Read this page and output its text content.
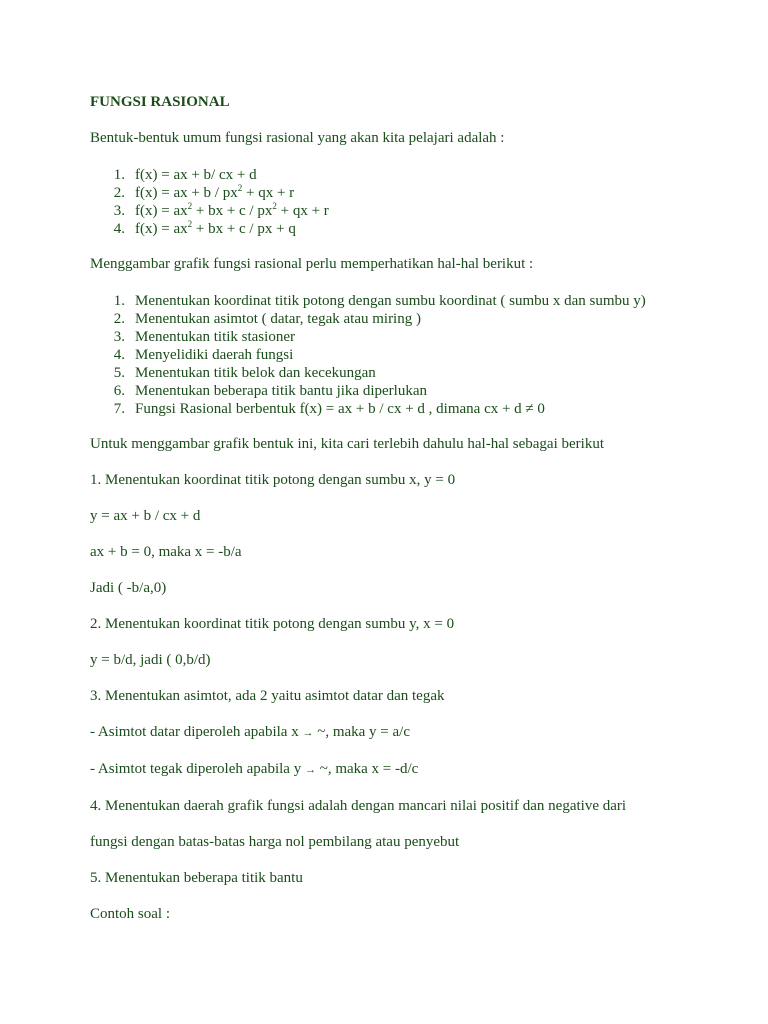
FUNGSI RASIONAL

Bentuk-bentuk umum fungsi rasional yang akan kita pelajari adalah :

1. f(x) = ax + b/ cx + d
2. f(x) = ax + b / $px^2$ + qx + r
3. $f(x) = ax^2$ + bx + c / $px^2$ + qx + r
4. $f(x) = ax^2$ + bx + c / px + q

Menggambar grafik fungsi rasional perlu memperhatikan hal-hal berikut :

1. Menentukan koordinat titik potong dengan sumbu koordinat ( sumbu x dan sumbu y)
2. Menentukan asimtot ( datar, tegak atau miring )
3. Menentukan titik stasioner
4. Menyelidiki daerah fungsi
5. Menentukan titik belok dan kecekungan
6. Menentukan beberapa titik bantu jika diperlukan
7. Fungsi Rasional berbentuk f(x) = ax + b / cx + d , dimana cx + d ≠ 0

Untuk menggambar grafik bentuk ini, kita cari terlebih dahulu hal-hal sebagai berikut

1. Menentukan koordinat titik potong dengan sumbu x, y = 0

y = ax + b / cx + d

ax + b = 0, maka x = -b/a

Jadi ( -b/a,0)

2. Menentukan koordinat titik potong dengan sumbu y, x = 0

y = b/d, jadi ( 0,b/d)

3. Menentukan asimtot, ada 2 yaitu asimtot datar dan tegak

- Asimtot datar diperoleh apabila x → ~, maka y = a/c

- Asimtot tegak diperoleh apabila y → ~, maka x = -d/c

4. Menentukan daerah grafik fungsi adalah dengan mancari nilai positif dan negative dari

fungsi dengan batas-batas harga nol pembilang atau penyebut

5. Menentukan beberapa titik bantu

Contoh soal :
